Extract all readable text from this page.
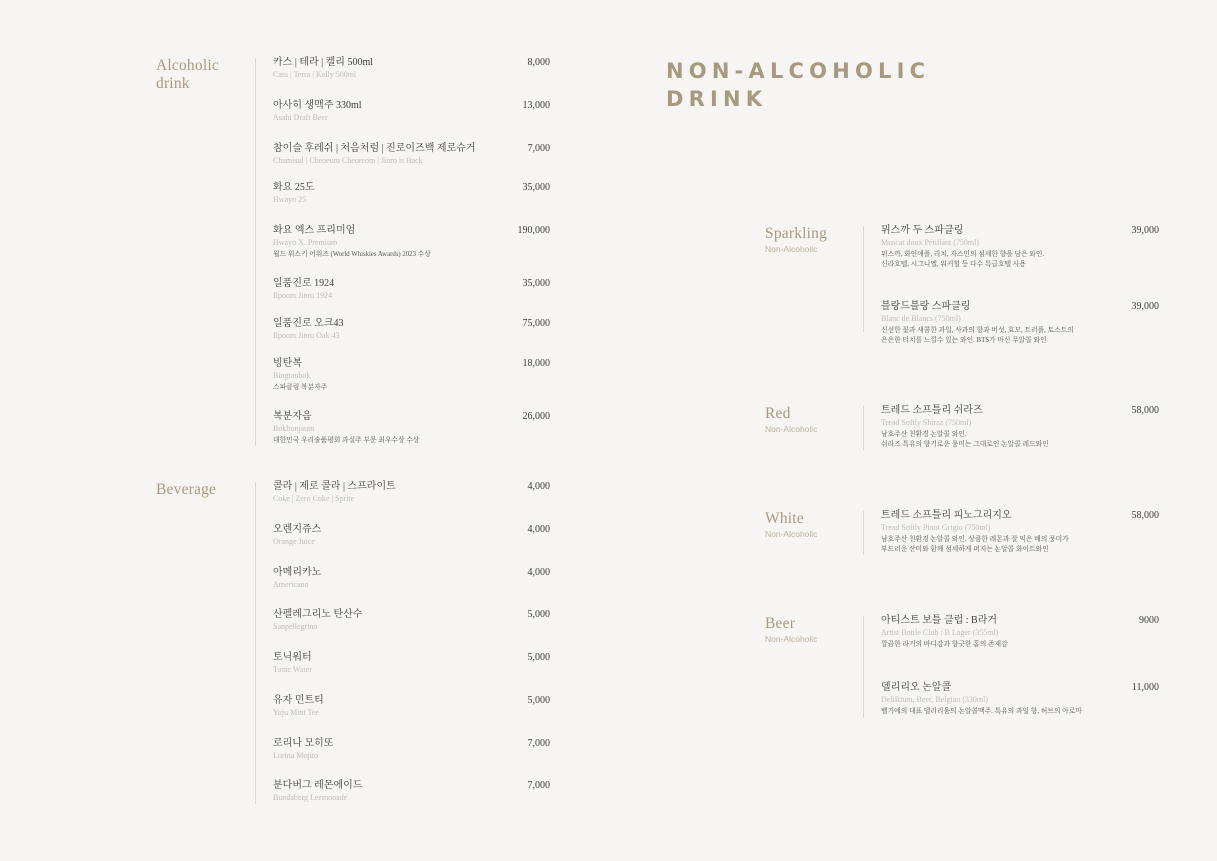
Alcoholic
drink
카스 | 테라 | 켈리 500ml
Cass | Terra | Kelly 500ml
8,000
아사히 생맥주 330ml
Asahi Draft Beer
13,000
참이슬 후레쉬 | 처음처럼 | 진로이즈백 제로슈거
Chamisul | Cheoeum Cheoreom | Jinro is Back
7,000
화요 25도
Hwayo 25
35,000
화요 엑스 프리미엄
Hwayo X. Premium
월드 위스키 어워즈 (World Whiskies Awards) 2023 수상
190,000
일품진로 1924
Ilpoom Jinro 1924
35,000
일품진로 오크43
Ilpoom Jinro Oak 43
75,000
빙탄복
Bingtanbok
스파클링 복분자주
18,000
복분자음
Bokbunjaum
대한민국 우리술품평회 과실주 부문 최우수상 수상
26,000
Beverage	콜라 | 제로 콜라 | 스프라이트
Coke | Zero Coke | Sprite
4,000
오렌지쥬스
Orange Juice
4,000
아메리카노
Americano
4,000
산펠레그리노 탄산수
Sanpellegrino
5,000
토닉워터
Tonic Water
5,000
유자 민트티
Yuju Mint Tee
5,000
로리나 모히또
Lorina Mojito
7,000
분다버그 레몬에이드
Bundaberg Leemonade
7,000
NON-ALCOHOLIC
DRINK
Sparkling
Non-Alcoholic
뮈스까 두 스파클링
Muscat doux Pétillant (750ml)
뮈스까, 화인애플, 리치, 자스민의 섬세한 향을 담은 와인.
신라호텔, 시그니엘, 워커힐 등 다수 특급호텔 사용
39,000
블랑드블랑 스파클링
Blanc de Blancs (750ml)
신선한 꽃과 새콤한 과일, 사과의 향과 버섯, 효모, 트러플, 토스트의
은은한 터치를 느낄수 있는 와인. BTS가 마신 무알콜 와인
39,000
Red
Non-Alcoholic
트레드 소프틀리 쉬라즈
Tread Softly Shiraz (750ml)
남호주산 친환경 논알콜 와인.
쉬라즈 특유의 향기로운 풍미는 그대로인 논알콜 레드와인
58,000
White
Non-Alcoholic
트레드 소프틀리 피노그리지오
Tread Softly Pinot Grigio (750ml)
남호주산 친환경 논알콜 와인. 상큼한 레몬과 잘 익은 배의 풍미가
부드러운 산미와 함께 섬세하게 퍼지는 논알콜 화이트와인
58,000
Beer
Non-Alcoholic
아티스트 보틀 클럽 : B라거
Artist Bottle Club : B Lager (355ml)
깔끔한 라거의 바디감과 향긋한 홉의 존재감
9000
델리리오 논알콜
DeliRium, Beer, Belgian (330ml)
벨기에의 대표 델리리움의 논알콜맥주. 특유의 과일 향, 허브의 아로마
11,000
